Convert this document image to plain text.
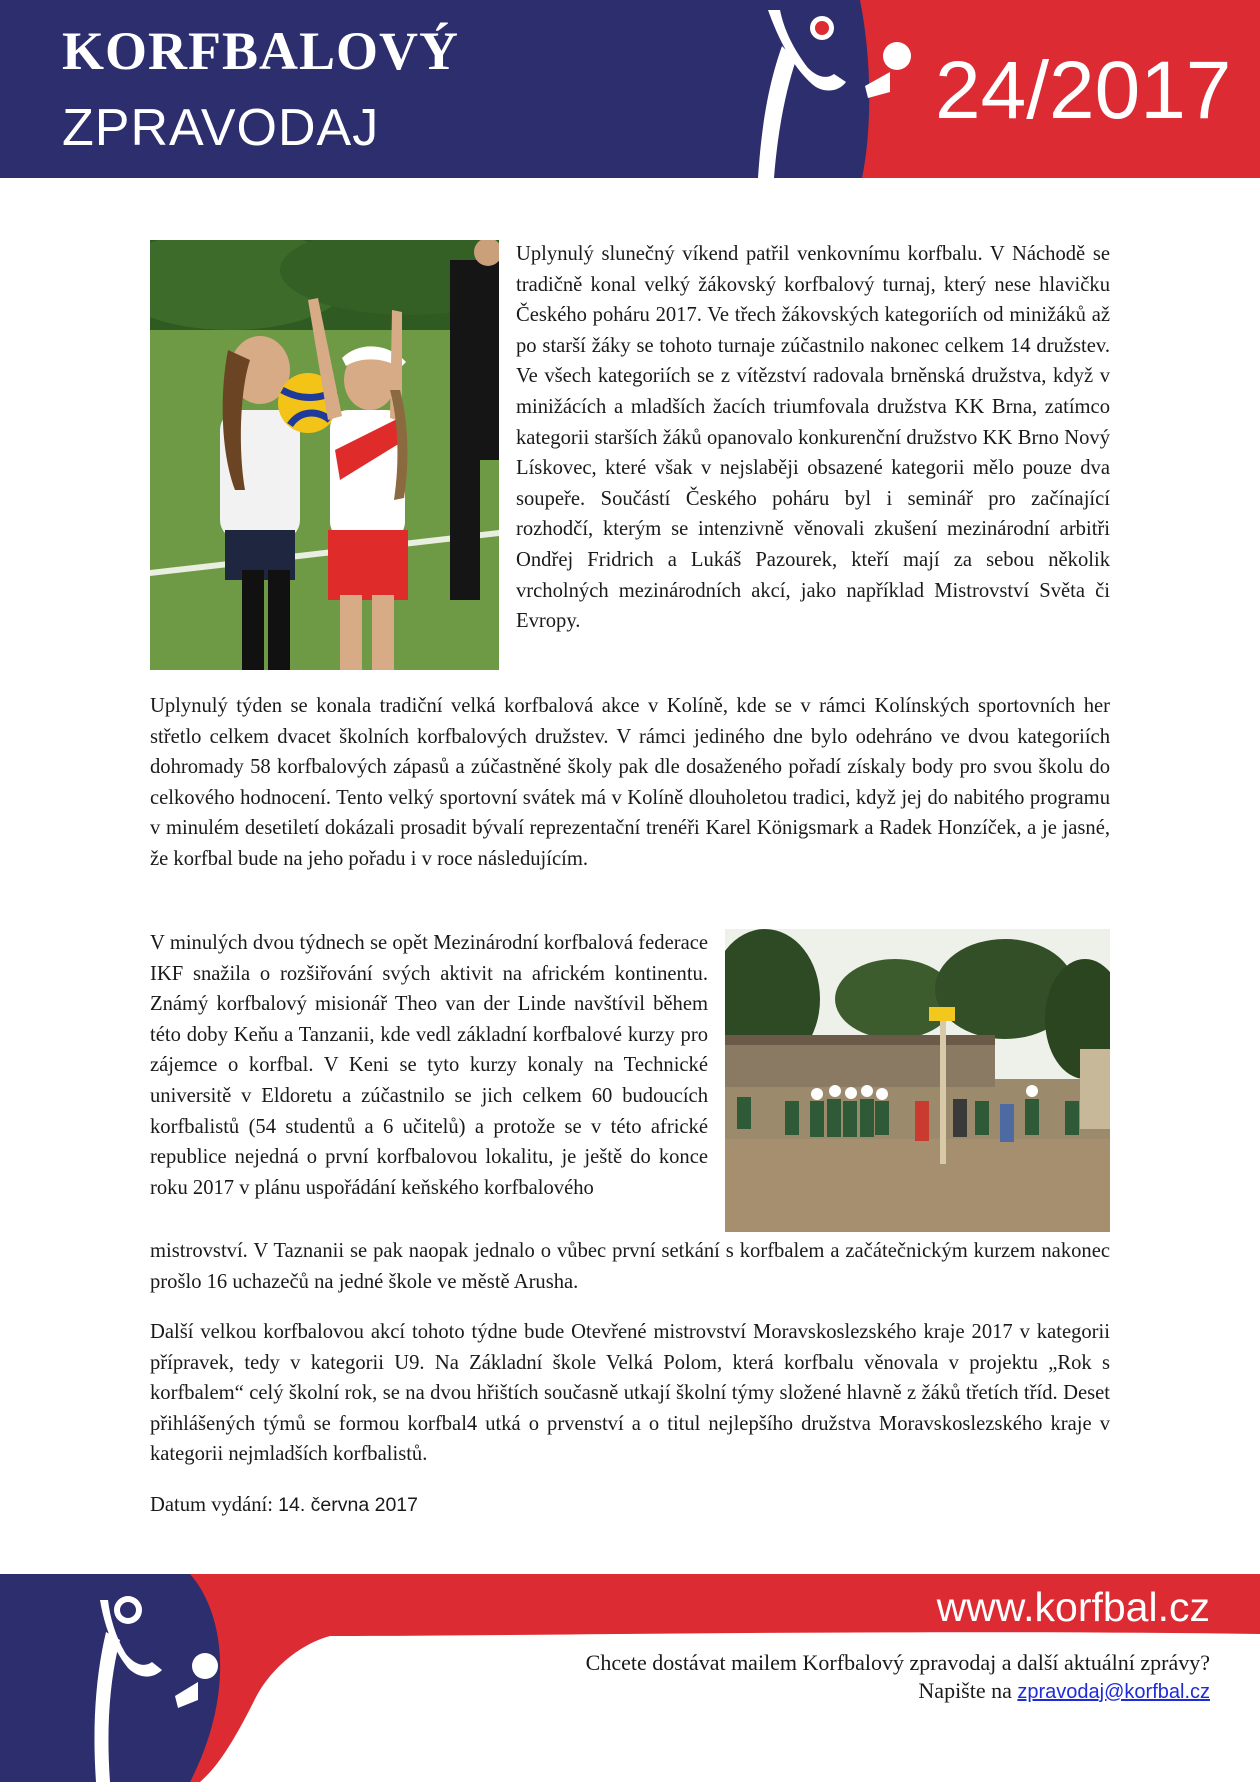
KORFBALOVÝ
ZPRAVODAJ	24/2017

Uplynulý slunečný víkend patřil venkovnímu korfbalu. V Náchodě se tradičně konal velký žákovský korfbalový turnaj, který nese hlavičku Českého poháru 2017. Ve třech žákovských kategoriích od minižáků až po starší žáky se tohoto turnaje zúčastnilo nakonec celkem 14 družstev. Ve všech kategoriích se z vítězství radovala brněnská družstva, když v minižácích a mladších žacích triumfovala družstva KK Brna, zatímco kategorii starších žáků opanovalo konkurenční družstvo KK Brno Nový Lískovec, které však v nejslaběji obsazené kategorii mělo pouze dva soupeře. Součástí Českého poháru byl i seminář pro začínající rozhodčí, kterým se intenzivně věnovali zkušení mezinárodní arbitři Ondřej Fridrich a Lukáš Pazourek, kteří mají za sebou několik vrcholných mezinárodních akcí, jako například Mistrovství Světa či Evropy.

Uplynulý týden se konala tradiční velká korfbalová akce v Kolíně, kde se v rámci Kolínských sportovních her střetlo celkem dvacet školních korfbalových družstev. V rámci jediného dne bylo odehráno ve dvou kategoriích dohromady 58 korfbalových zápasů a zúčastněné školy pak dle dosaženého pořadí získaly body pro svou školu do celkového hodnocení. Tento velký sportovní svátek má v Kolíně dlouholetou tradici, když jej do nabitého programu v minulém desetiletí dokázali prosadit bývalí reprezentační trenéři Karel Königsmark a Radek Honzíček, a je jasné, že korfbal bude na jeho pořadu i v roce následujícím.

V minulých dvou týdnech se opět Mezinárodní korfbalová federace IKF snažila o rozšiřování svých aktivit na africkém kontinentu. Známý korfbalový misionář Theo van der Linde navštívil během této doby Keňu a Tanzanii, kde vedl základní korfbalové kurzy pro zájemce o korfbal. V Keni se tyto kurzy konaly na Technické universitě v Eldoretu a zúčastnilo se jich celkem 60 budoucích korfbalistů (54 studentů a 6 učitelů) a protože se v této africké republice nejedná o první korfbalovou lokalitu, je ještě do konce roku 2017 v plánu uspořádání keňského korfbalového

mistrovství. V Taznanii se pak naopak jednalo o vůbec první setkání s korfbalem a začátečnickým kurzem nakonec prošlo 16 uchazečů na jedné škole ve městě Arusha.

Další velkou korfbalovou akcí tohoto týdne bude Otevřené mistrovství Moravskoslezského kraje 2017 v kategorii přípravek, tedy v kategorii U9. Na Základní škole Velká Polom, která korfbalu věnovala v projektu „Rok s korfbalem“ celý školní rok, se na dvou hřištích současně utkají školní týmy složené hlavně z žáků třetích tříd. Deset přihlášených týmů se formou korfbal4 utká o prvenství a o titul nejlepšího družstva Moravskoslezského kraje v kategorii nejmladších korfbalistů.

Datum vydání: 14. června 2017
www.korfbal.cz
Chcete dostávat mailem Korfbalový zpravodaj a další aktuální zprávy?
Napište na zpravodaj@korfbal.cz
